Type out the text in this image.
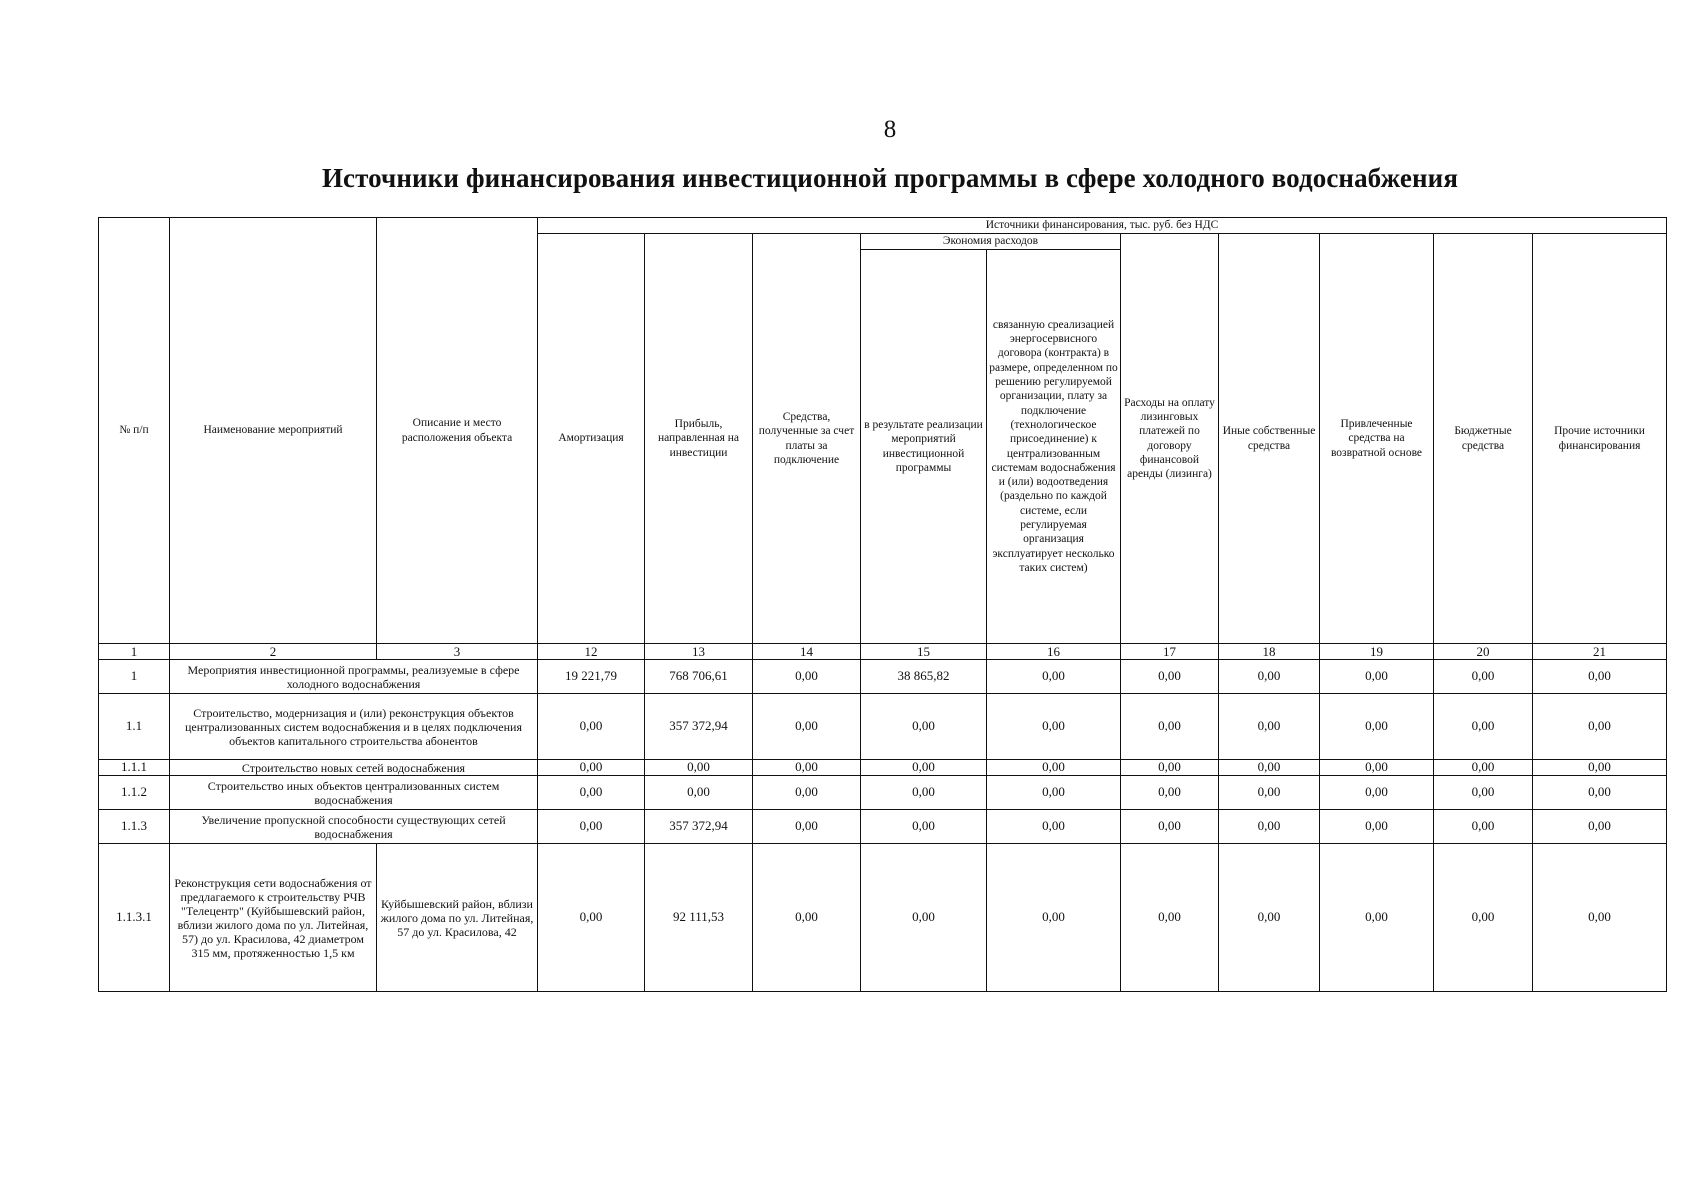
8
Источники финансирования инвестиционной программы в сфере холодного водоснабжения
№ п/п	Наименование мероприятий	Описание и место расположения объекта	Источники финансирования, тыс. руб. без НДС									
			Амортизация	Прибыль, направленная на инвестиции	Средства, полученные за счет платы за подключение	Экономия расходов		Расходы на оплату лизинговых платежей по договору финансовой аренды (лизинга)	Иные собственные средства	Привлеченные средства на возвратной основе	Бюджетные средства	Прочие источники финансирования
						в результате реализации мероприятий инвестиционной программы	связанную среализацией энергосервисного договора (контракта) в размере, определенном по решению регулируемой организации, плату за подключение (технологическое присоединение) к централизованным системам водоснабжения и (или) водоотведения (раздельно по каждой системе, если регулируемая организация эксплуатирует несколько таких систем)					
1	2	3	12	13	14	15	16	17	18	19	20	21
1	Мероприятия инвестиционной программы, реализуемые в сфере холодного водоснабжения		19 221,79	768 706,61	0,00	38 865,82	0,00	0,00	0,00	0,00	0,00	0,00
1.1	Строительство, модернизация и (или) реконструкция объектов централизованных систем водоснабжения и в целях подключения объектов капитального строительства абонентов		0,00	357 372,94	0,00	0,00	0,00	0,00	0,00	0,00	0,00	0,00
1.1.1	Строительство новых сетей водоснабжения		0,00	0,00	0,00	0,00	0,00	0,00	0,00	0,00	0,00	0,00
1.1.2	Строительство иных объектов централизованных систем водоснабжения		0,00	0,00	0,00	0,00	0,00	0,00	0,00	0,00	0,00	0,00
1.1.3	Увеличение пропускной способности существующих сетей водоснабжения		0,00	357 372,94	0,00	0,00	0,00	0,00	0,00	0,00	0,00	0,00
1.1.3.1	Реконструкция сети водоснабжения от предлагаемого к строительству РЧВ "Телецентр" (Куйбышевский район, вблизи жилого дома по ул. Литейная, 57) до ул. Красилова, 42 диаметром 315 мм, протяженностью 1,5 км	Куйбышевский район, вблизи жилого дома по ул. Литейная, 57 до ул. Красилова, 42	0,00	92 111,53	0,00	0,00	0,00	0,00	0,00	0,00	0,00	0,00
